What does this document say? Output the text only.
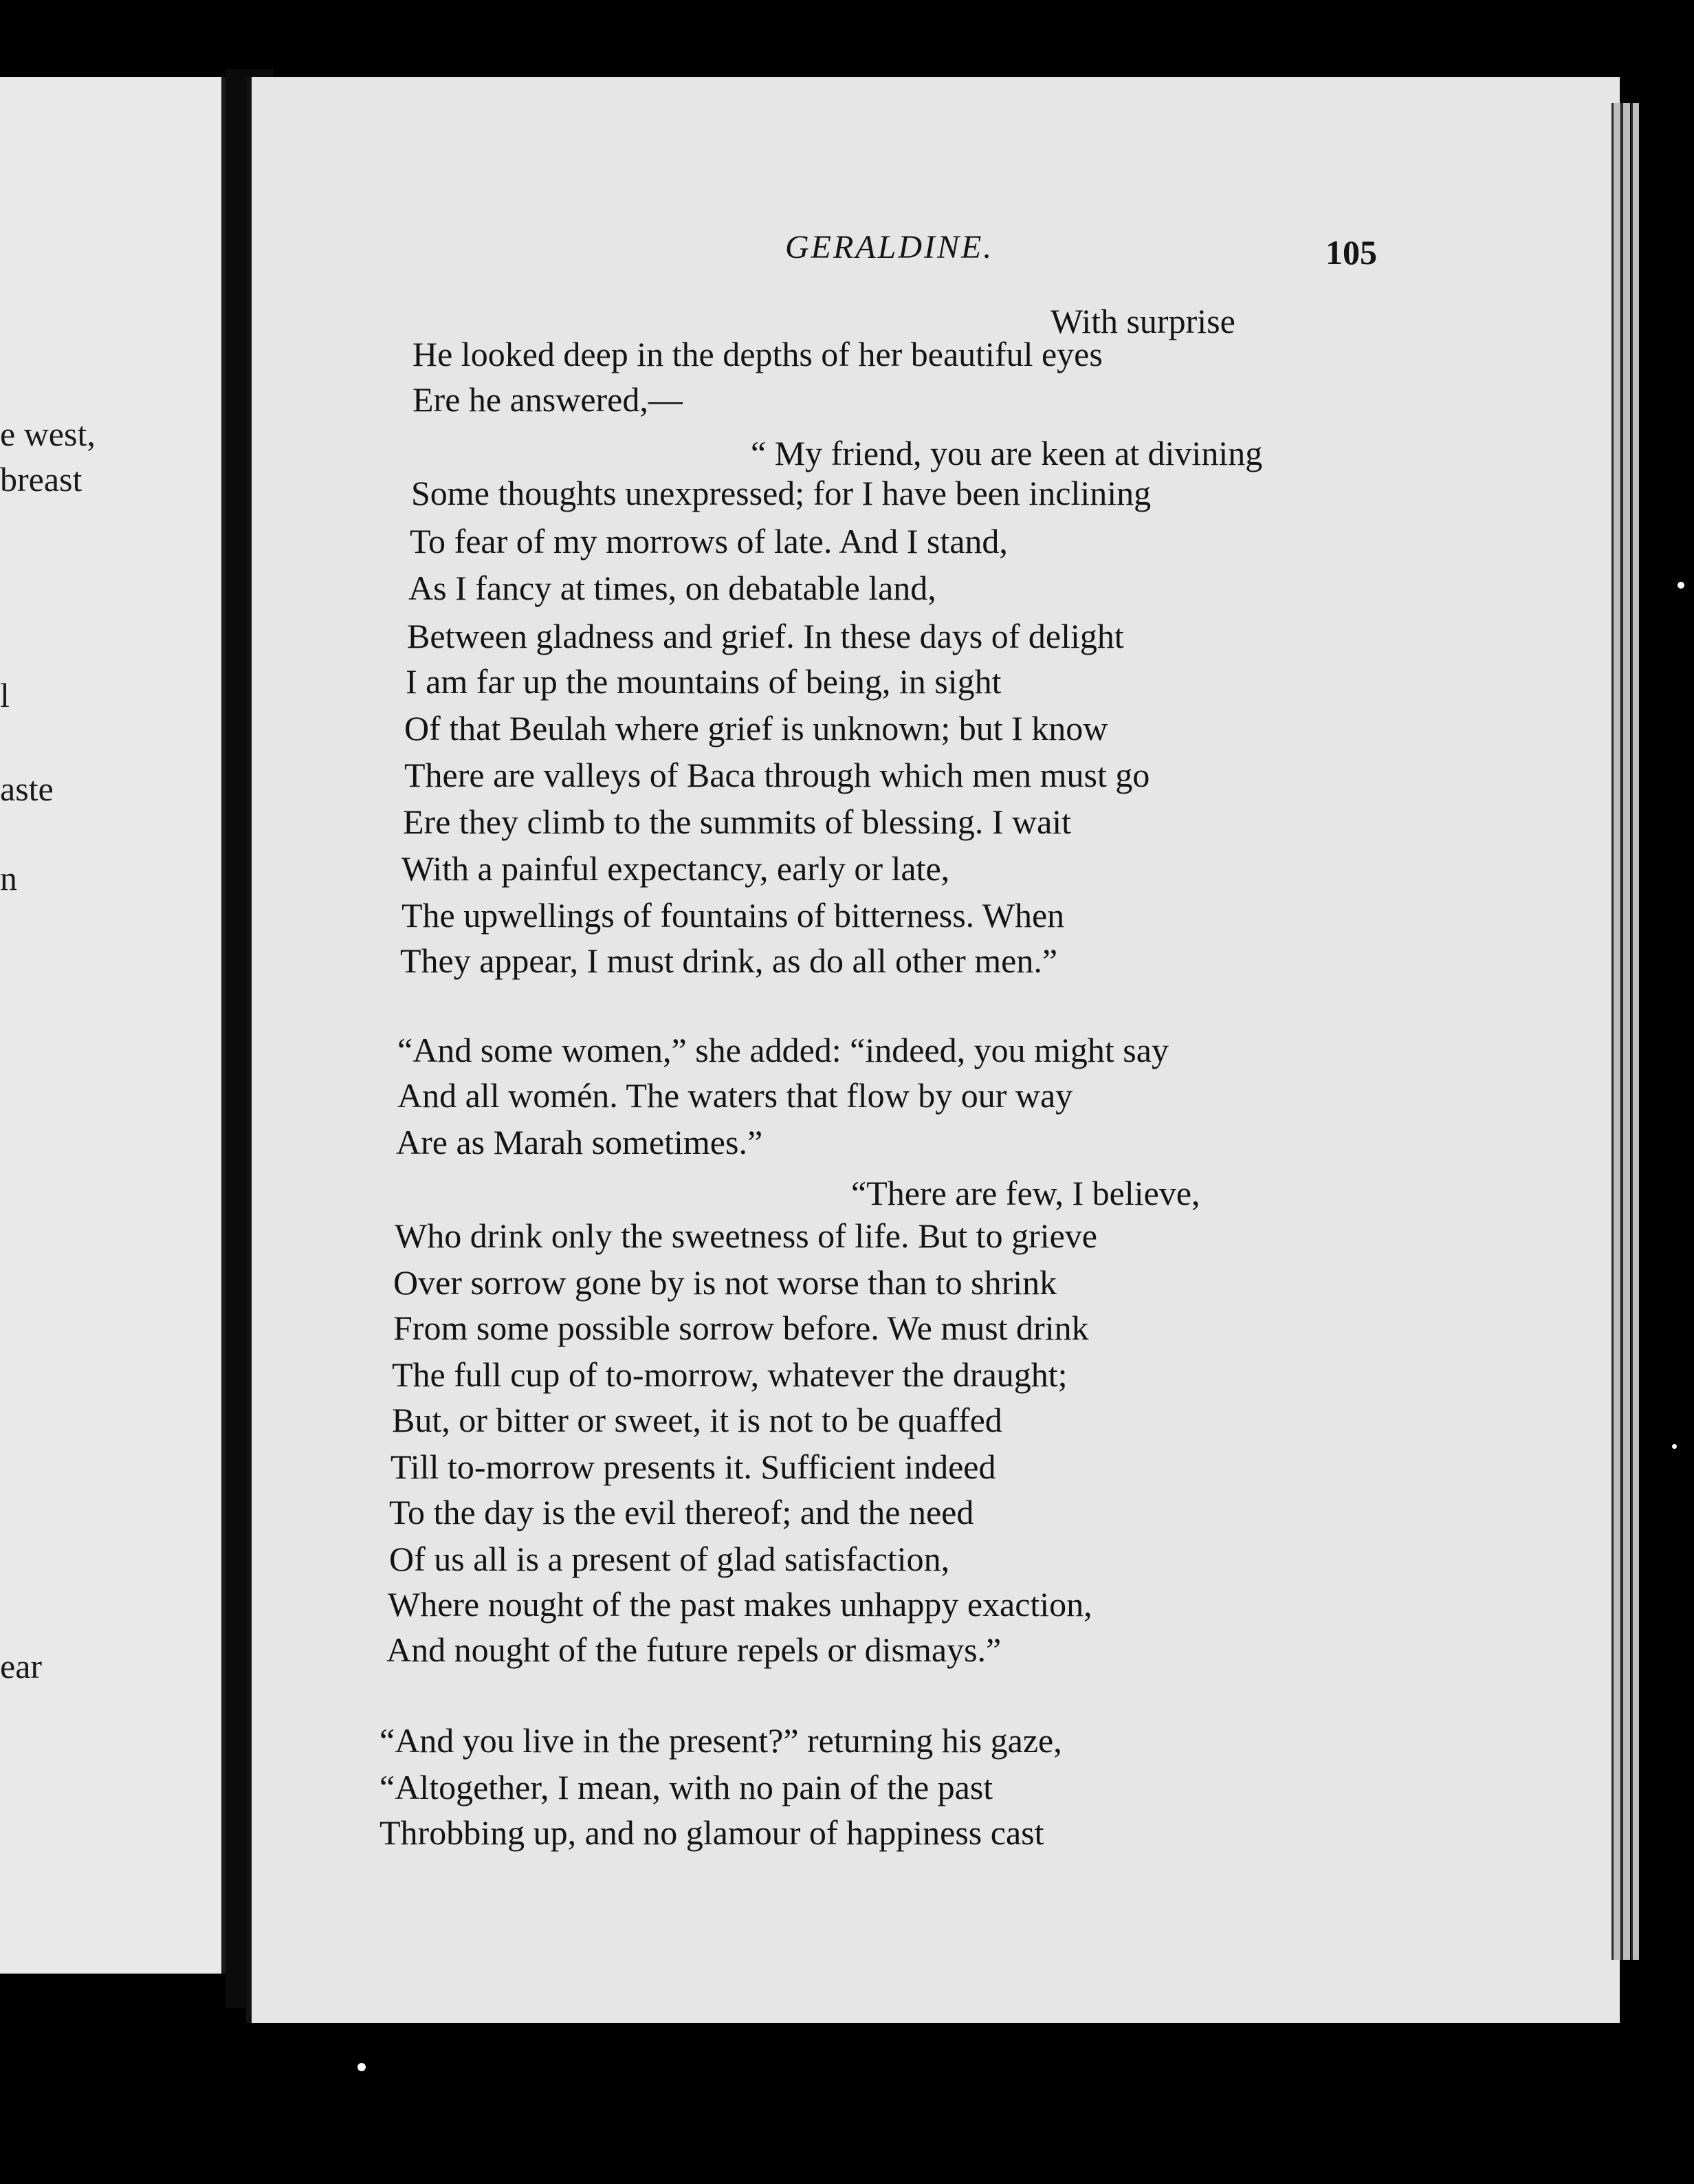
e west,
breast
l
aste
n
ear
GERALDINE.	105
With surprise
He looked deep in the depths of her beautiful eyes
Ere he answered,—
“ My friend, you are keen at divining
Some thoughts unexpressed; for I have been inclining
To fear of my morrows of late. And I stand,
As I fancy at times, on debatable land,
Between gladness and grief. In these days of delight
I am far up the mountains of being, in sight
Of that Beulah where grief is unknown; but I know
There are valleys of Baca through which men must go
Ere they climb to the summits of blessing. I wait
With a painful expectancy, early or late,
The upwellings of fountains of bitterness. When
They appear, I must drink, as do all other men.”
“And some women,” she added: “indeed, you might say
And all womén. The waters that flow by our way
Are as Marah sometimes.”
“There are few, I believe,
Who drink only the sweetness of life. But to grieve
Over sorrow gone by is not worse than to shrink
From some possible sorrow before. We must drink
The full cup of to-morrow, whatever the draught;
But, or bitter or sweet, it is not to be quaffed
Till to-morrow presents it. Sufficient indeed
To the day is the evil thereof; and the need
Of us all is a present of glad satisfaction,
Where nought of the past makes unhappy exaction,
And nought of the future repels or dismays.”
“And you live in the present?” returning his gaze,
“Altogether, I mean, with no pain of the past
Throbbing up, and no glamour of happiness cast
